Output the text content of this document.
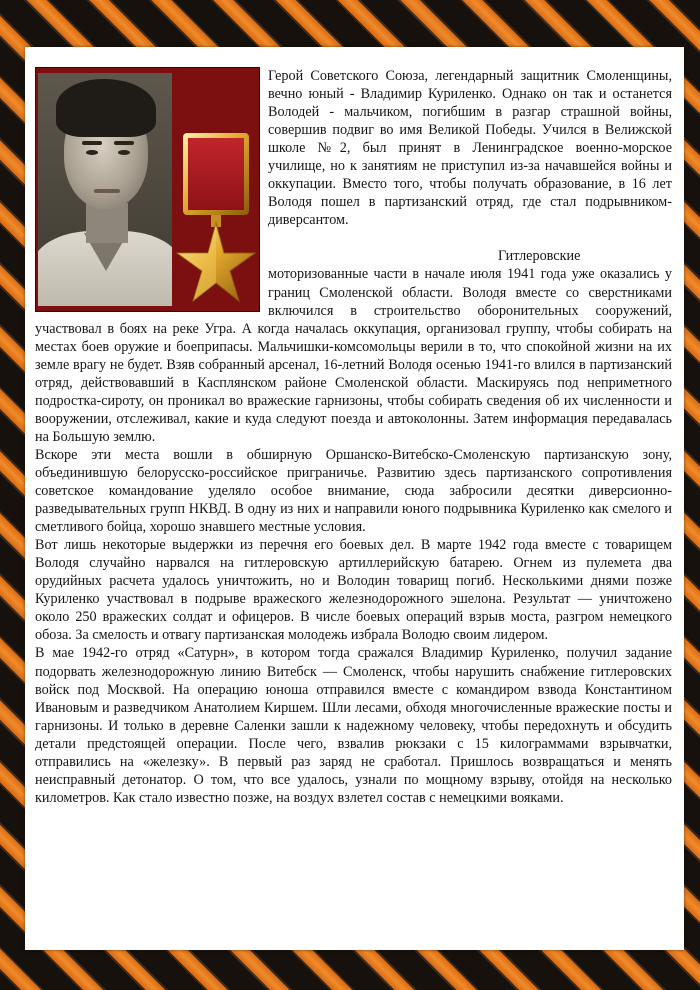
Герой Советского Союза, легендарный защитник Смоленщины, вечно юный - Владимир Куриленко. Однако он так и останется Володей - мальчиком, погибшим в разгар страшной войны, совершив подвиг во имя Великой Победы. Учился в Велижской школе №2, был принят в Ленинградское военно-морское училище, но к занятиям не приступил из-за начавшейся войны и оккупации. Вместо того, чтобы получать образование, в 16 лет Володя пошел в партизанский отряд, где стал подрывником-диверсантом.

Гитлеровские моторизованные части в начале июля 1941 года уже оказались у границ Смоленской области. Володя вместе со сверстниками включился в строительство оборонительных сооружений, участвовал в боях на реке Угра. А когда началась оккупация, организовал группу, чтобы собирать на местах боев оружие и боеприпасы. Мальчишки-комсомольцы верили в то, что спокойной жизни на их земле врагу не будет. Взяв собранный арсенал, 16-летний Володя осенью 1941-го влился в партизанский отряд, действовавший в Касплянском районе Смоленской области. Маскируясь под неприметного подростка-сироту, он проникал во вражеские гарнизоны, чтобы собирать сведения об их численности и вооружении, отслеживал, какие и куда следуют поезда и автоколонны. Затем информация передавалась на Большую землю.

Вскоре эти места вошли в обширную Оршанско-Витебско-Смоленскую партизанскую зону, объединившую белорусско-российское приграничье. Развитию здесь партизанского сопротивления советское командование уделяло особое внимание, сюда забросили десятки диверсионно-разведывательных групп НКВД. В одну из них и направили юного подрывника Куриленко как смелого и сметливого бойца, хорошо знавшего местные условия.

Вот лишь некоторые выдержки из перечня его боевых дел. В марте 1942 года вместе с товарищем Володя случайно нарвался на гитлеровскую артиллерийскую батарею. Огнем из пулемета два орудийных расчета удалось уничтожить, но и Володин товарищ погиб. Несколькими днями позже Куриленко участвовал в подрыве вражеского железнодорожного эшелона. Результат — уничтожено около 250 вражеских солдат и офицеров. В числе боевых операций взрыв моста, разгром немецкого обоза. За смелость и отвагу партизанская молодежь избрала Володю своим лидером.

В мае 1942-го отряд «Сатурн», в котором тогда сражался Владимир Куриленко, получил задание подорвать железнодорожную линию Витебск — Смоленск, чтобы нарушить снабжение гитлеровских войск под Москвой. На операцию юноша отправился вместе с командиром взвода Константином Ивановым и разведчиком Анатолием Киршем. Шли лесами, обходя многочисленные вражеские посты и гарнизоны. И только в деревне Саленки зашли к надежному человеку, чтобы передохнуть и обсудить детали предстоящей операции. После чего, взвалив рюкзаки с 15 килограммами взрывчатки, отправились на «железку». В первый раз заряд не сработал. Пришлось возвращаться и менять неисправный детонатор. О том, что все удалось, узнали по мощному взрыву, отойдя на несколько километров. Как стало известно позже, на воздух взлетел состав с немецкими вояками.
